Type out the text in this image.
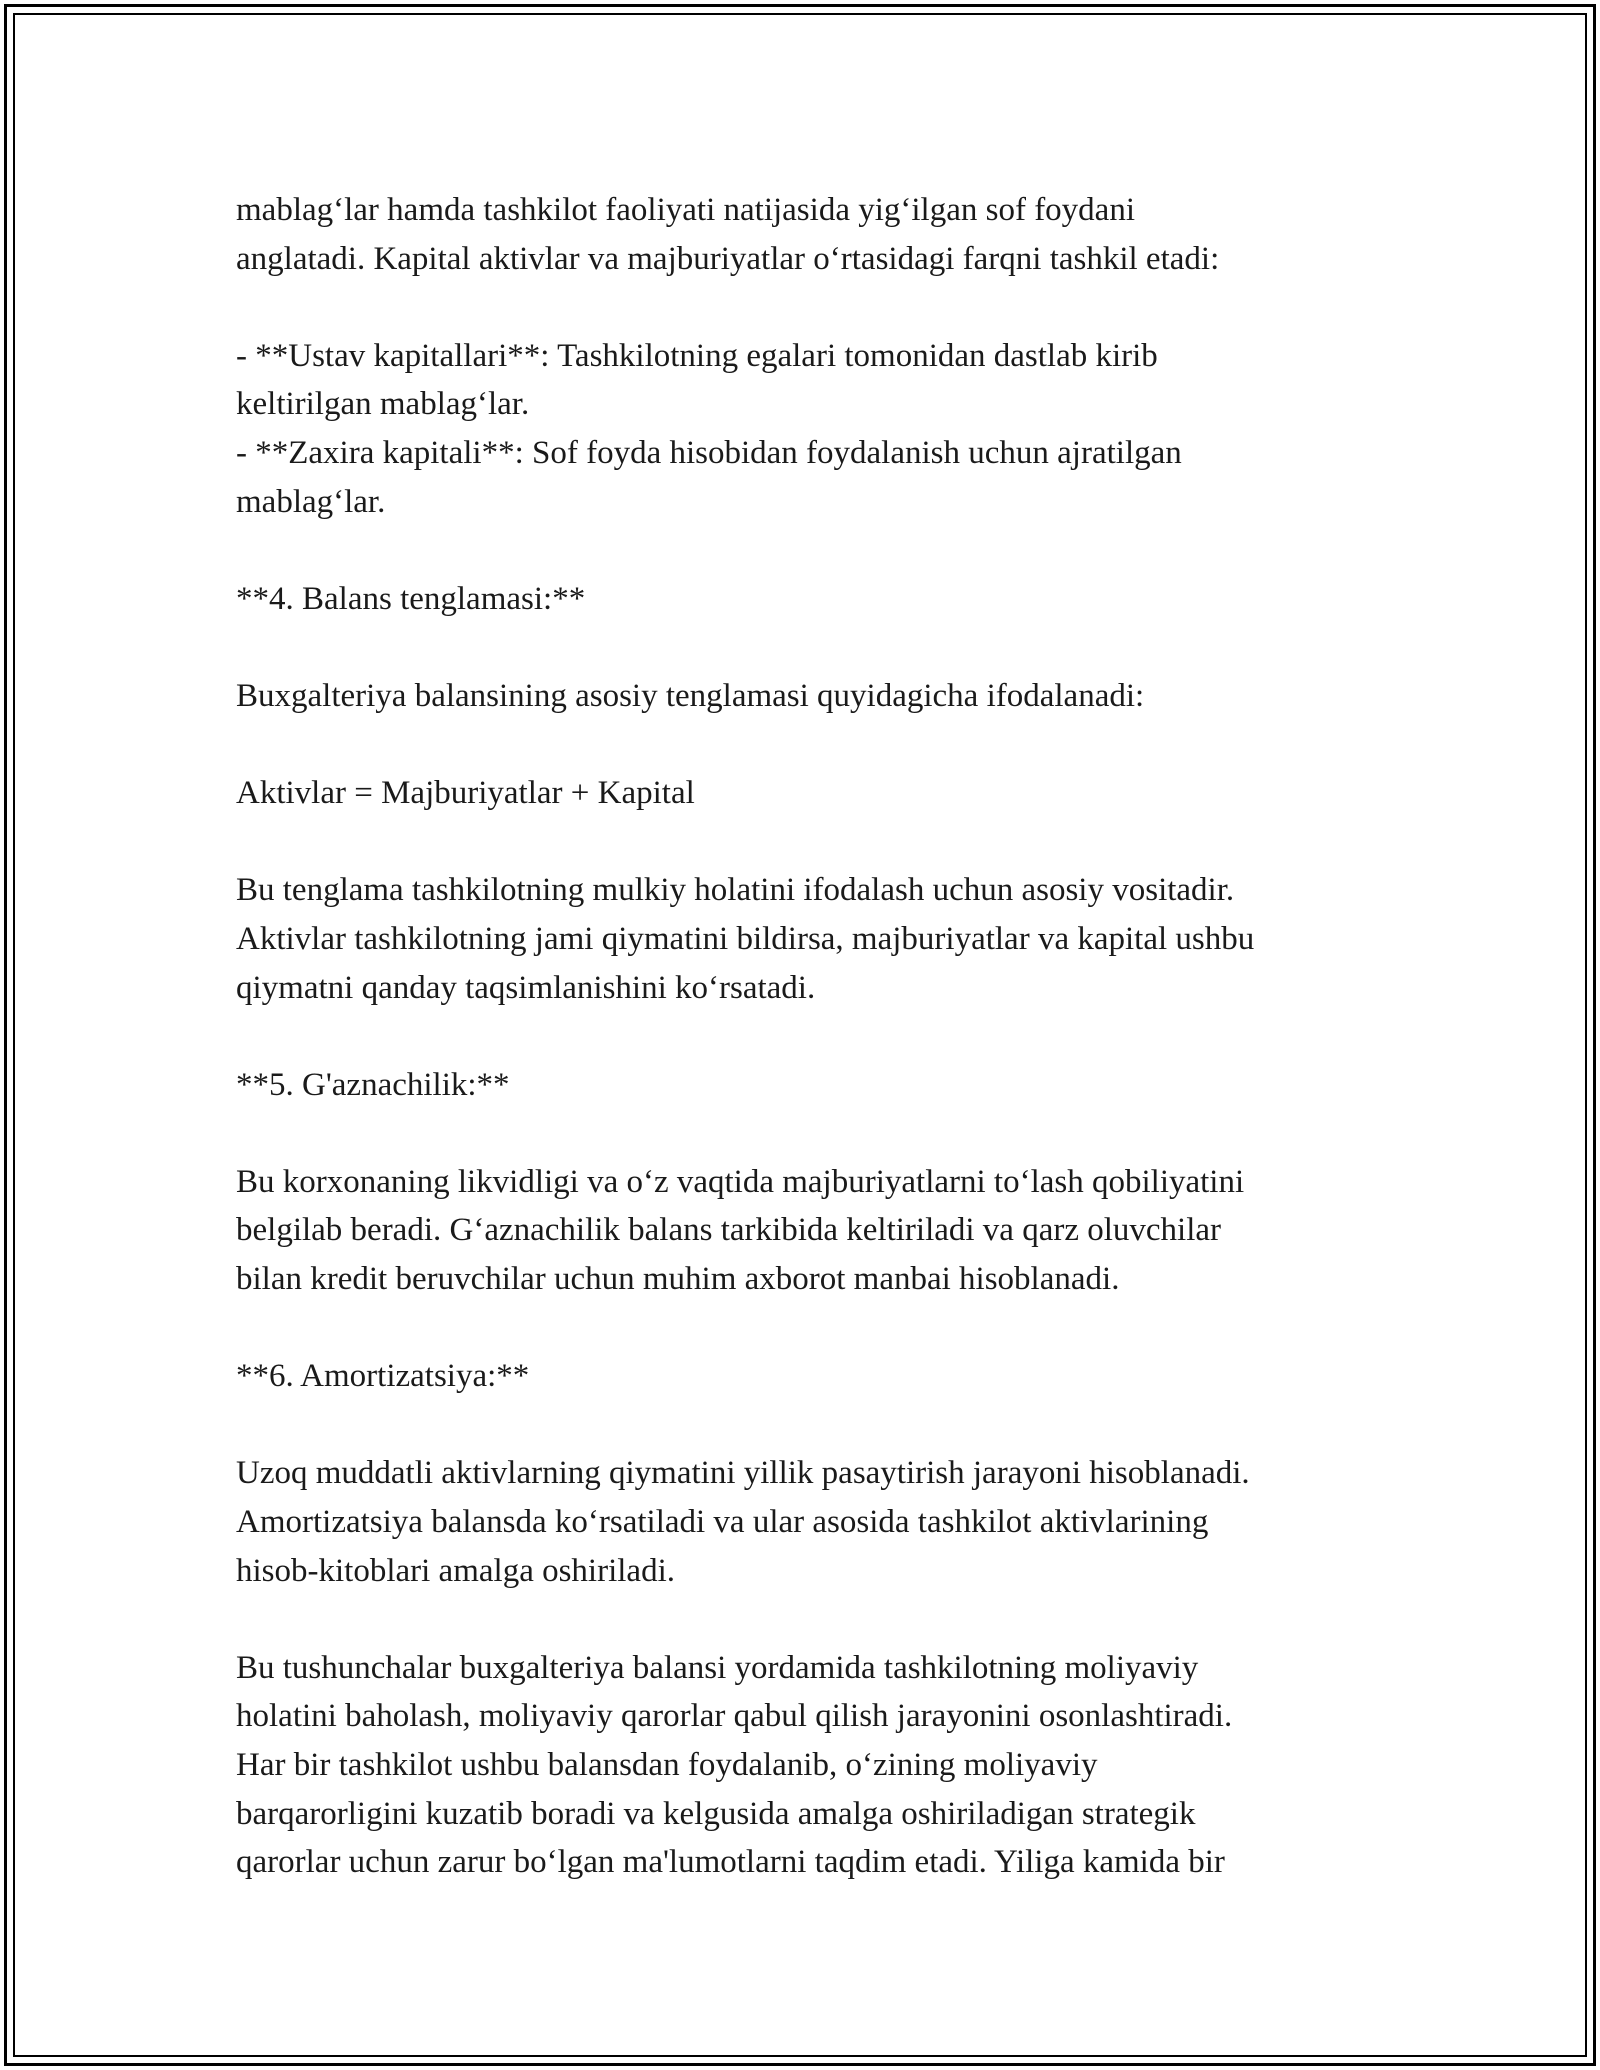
mablag‘lar hamda tashkilot faoliyati natijasida yig‘ilgan sof foydani
anglatadi. Kapital aktivlar va majburiyatlar o‘rtasidagi farqni tashkil etadi:

- **Ustav kapitallari**: Tashkilotning egalari tomonidan dastlab kirib
keltirilgan mablag‘lar.
- **Zaxira kapitali**: Sof foyda hisobidan foydalanish uchun ajratilgan
mablag‘lar.

**4. Balans tenglamasi:**

Buxgalteriya balansining asosiy tenglamasi quyidagicha ifodalanadi:

Aktivlar = Majburiyatlar + Kapital

Bu tenglama tashkilotning mulkiy holatini ifodalash uchun asosiy vositadir.
Aktivlar tashkilotning jami qiymatini bildirsa, majburiyatlar va kapital ushbu
qiymatni qanday taqsimlanishini ko‘rsatadi.

**5. G'aznachilik:**

Bu korxonaning likvidligi va o‘z vaqtida majburiyatlarni to‘lash qobiliyatini
belgilab beradi. G‘aznachilik balans tarkibida keltiriladi va qarz oluvchilar
bilan kredit beruvchilar uchun muhim axborot manbai hisoblanadi.

**6. Amortizatsiya:**

Uzoq muddatli aktivlarning qiymatini yillik pasaytirish jarayoni hisoblanadi.
Amortizatsiya balansda ko‘rsatiladi va ular asosida tashkilot aktivlarining
hisob-kitoblari amalga oshiriladi.

Bu tushunchalar buxgalteriya balansi yordamida tashkilotning moliyaviy
holatini baholash, moliyaviy qarorlar qabul qilish jarayonini osonlashtiradi.
Har bir tashkilot ushbu balansdan foydalanib, o‘zining moliyaviy
barqarorligini kuzatib boradi va kelgusida amalga oshiriladigan strategik
qarorlar uchun zarur bo‘lgan ma'lumotlarni taqdim etadi. Yiliga kamida bir
